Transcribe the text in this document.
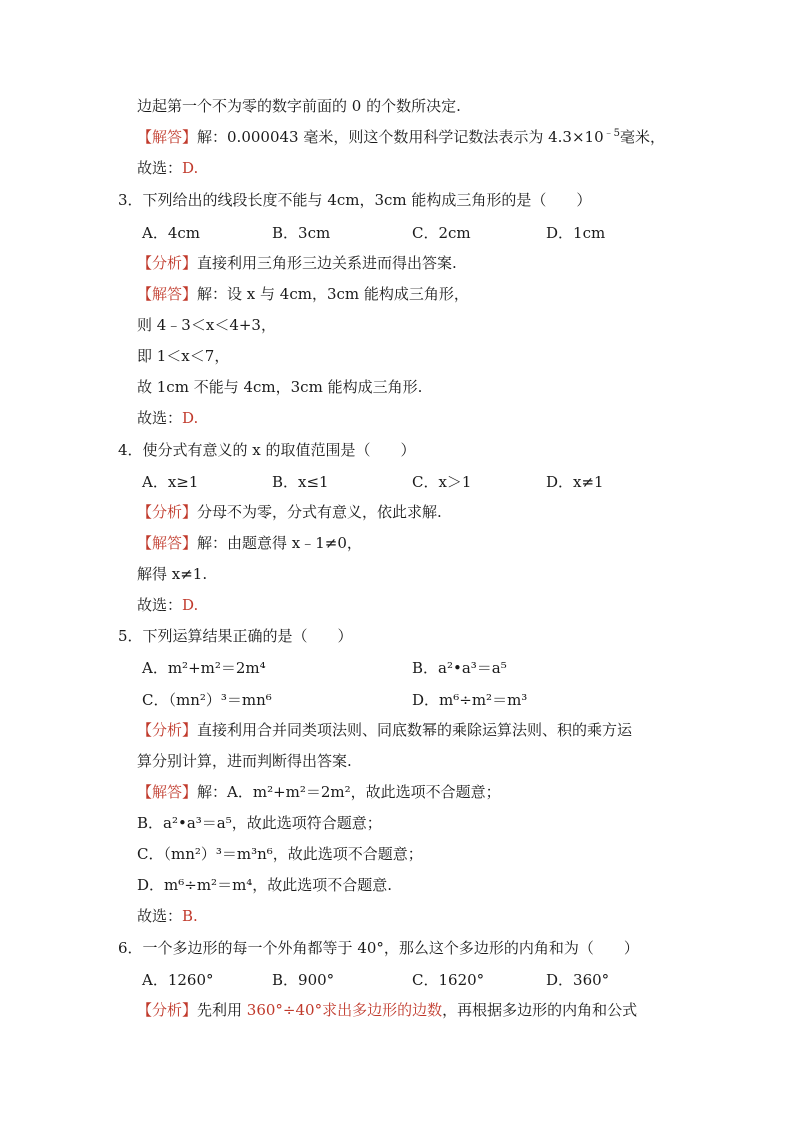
边起第一个不为零的数字前面的 0 的个数所决定.
【解答】解：0.000043 毫米，则这个数用科学记数法表示为 $4.3\times 10^{﹣5}$毫米，
故选：D.
3．下列给出的线段长度不能与 4cm，3cm 能构成三角形的是（　　）
A．4cm	B．3cm	C．2cm	D．1cm
【分析】直接利用三角形三边关系进而得出答案.
【解答】解：设 x 与 4cm，3cm 能构成三角形，
则 4﹣3＜x＜4+3，
即 1＜x＜7，
故 1cm 不能与 4cm，3cm 能构成三角形.
故选：D.
4．使分式有意义的 x 的取值范围是（　　）
A．x≥1	B．x≤1	C．x＞1	D．x≠1
【分析】分母不为零，分式有意义，依此求解.
【解答】解：由题意得 x﹣1≠0，
解得 x≠1.
故选：D.
5．下列运算结果正确的是（　　）
A．m²+m²＝2m⁴	B．a²•a³＝a⁵
C．（mn²）³＝mn⁶	D．m⁶÷m²＝m³
【分析】直接利用合并同类项法则、同底数幂的乘除运算法则、积的乘方运
算分别计算，进而判断得出答案.
【解答】解：A．m²+m²＝2m²，故此选项不合题意；
B．a²•a³＝a⁵，故此选项符合题意；
C．（mn²）³＝m³n⁶，故此选项不合题意；
D．m⁶÷m²＝m⁴，故此选项不合题意.
故选：B.
6．一个多边形的每一个外角都等于 40°，那么这个多边形的内角和为（　　）
A．1260°	B．900°	C．1620°	D．360°
【分析】先利用 360°÷40°求出多边形的边数，再根据多边形的内角和公式
